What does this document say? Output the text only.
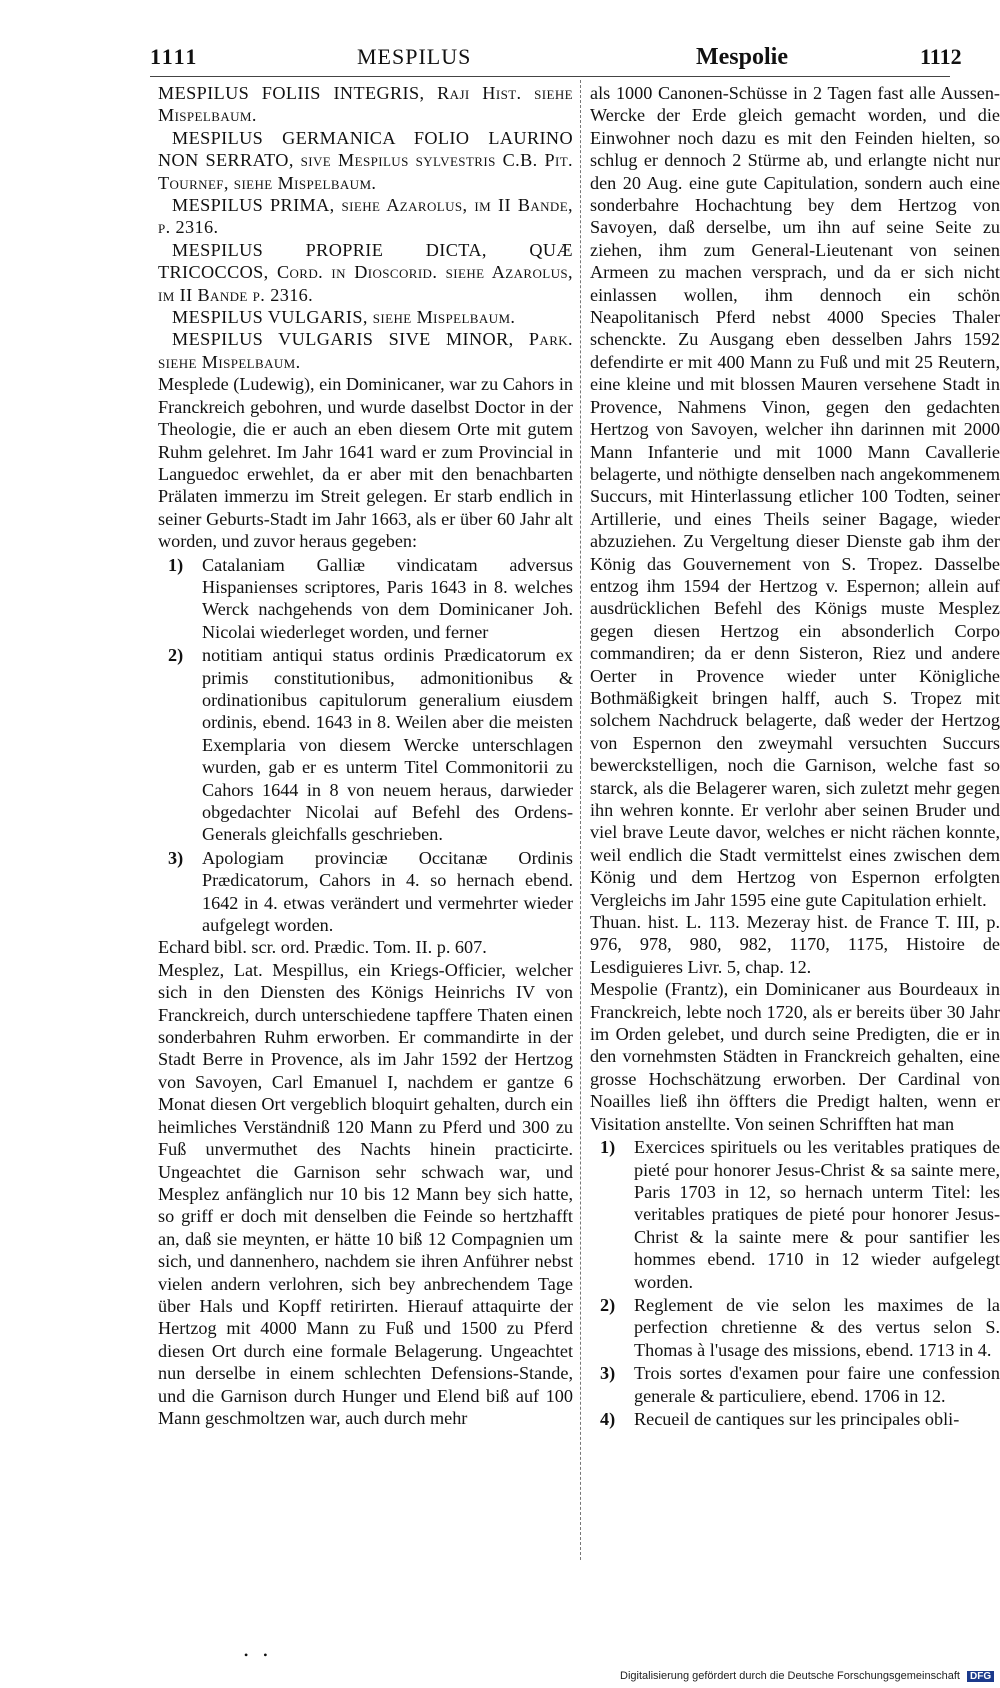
1111	MESPILUS	Mespolie	1112

MESPILUS FOLIIS INTEGRIS, Raji Hist. siehe Mispelbaum.

MESPILUS GERMANICA FOLIO LAURINO NON SERRATO, sive Mespilus sylvestris C.B. Pit. Tournef, siehe Mispelbaum.

MESPILUS PRIMA, siehe Azarolus, im II Bande, p. 2316.

MESPILUS PROPRIE DICTA, QUÆ TRICOCCOS, Cord. in Dioscorid. siehe Azarolus, im II Bande p. 2316.

MESPILUS VULGARIS, siehe Mispelbaum.

MESPILUS VULGARIS SIVE MINOR, Park. siehe Mispelbaum.

Mesplede (Ludewig), ein Dominicaner, war zu Cahors in Franckreich gebohren, und wurde daselbst Doctor in der Theologie, die er auch an eben diesem Orte mit gutem Ruhm gelehret. Im Jahr 1641 ward er zum Provincial in Languedoc erwehlet, da er aber mit den benachbarten Prälaten immerzu im Streit gelegen. Er starb endlich in seiner Geburts-Stadt im Jahr 1663, als er über 60 Jahr alt worden, und zuvor heraus gegeben:

1) Catalaniam Galliæ vindicatam adversus Hispanienses scriptores, Paris 1643 in 8. welches Werck nachgehends von dem Dominicaner Joh. Nicolai wiederleget worden, und ferner
2) notitiam antiqui status ordinis Prædicatorum ex primis constitutionibus, admonitionibus & ordinationibus capitulorum generalium eiusdem ordinis, ebend. 1643 in 8. Weilen aber die meisten Exemplaria von diesem Wercke unterschlagen wurden, gab er es unterm Titel Commonitorii zu Cahors 1644 in 8 von neuem heraus, darwieder obgedachter Nicolai auf Befehl des Ordens-Generals gleichfalls geschrieben.
3) Apologiam provinciæ Occitanæ Ordinis Prædicatorum, Cahors in 4. so hernach ebend. 1642 in 4. etwas verändert und vermehrter wieder aufgelegt worden.

Echard bibl. scr. ord. Prædic. Tom. II. p. 607.

Mesplez, Lat. Mespillus, ein Kriegs-Officier, welcher sich in den Diensten des Königs Heinrichs IV von Franckreich, durch unterschiedene tapffere Thaten einen sonderbahren Ruhm erworben. Er commandirte in der Stadt Berre in Provence, als im Jahr 1592 der Hertzog von Savoyen, Carl Emanuel I, nachdem er gantze 6 Monat diesen Ort vergeblich bloquirt gehalten, durch ein heimliches Verständniß 120 Mann zu Pferd und 300 zu Fuß unvermuthet des Nachts hinein practicirte. Ungeachtet die Garnison sehr schwach war, und Mesplez anfänglich nur 10 bis 12 Mann bey sich hatte, so griff er doch mit denselben die Feinde so hertzhafft an, daß sie meynten, er hätte 10 biß 12 Compagnien um sich, und dannenhero, nachdem sie ihren Anführer nebst vielen andern verlohren, sich bey anbrechendem Tage über Hals und Kopff retirirten. Hierauf attaquirte der Hertzog mit 4000 Mann zu Fuß und 1500 zu Pferd diesen Ort durch eine formale Belagerung. Ungeachtet nun derselbe in einem schlechten Defensions-Stande, und die Garnison durch Hunger und Elend biß auf 100 Mann geschmoltzen war, auch durch mehr

als 1000 Canonen-Schüsse in 2 Tagen fast alle Aussen-Wercke der Erde gleich gemacht worden, und die Einwohner noch dazu es mit den Feinden hielten, so schlug er dennoch 2 Stürme ab, und erlangte nicht nur den 20 Aug. eine gute Capitulation, sondern auch eine sonderbahre Hochachtung bey dem Hertzog von Savoyen, daß derselbe, um ihn auf seine Seite zu ziehen, ihm zum General-Lieutenant von seinen Armeen zu machen versprach, und da er sich nicht einlassen wollen, ihm dennoch ein schön Neapolitanisch Pferd nebst 4000 Species Thaler schenckte. Zu Ausgang eben desselben Jahrs 1592 defendirte er mit 400 Mann zu Fuß und mit 25 Reutern, eine kleine und mit blossen Mauren versehene Stadt in Provence, Nahmens Vinon, gegen den gedachten Hertzog von Savoyen, welcher ihn darinnen mit 2000 Mann Infanterie und mit 1000 Mann Cavallerie belagerte, und nöthigte denselben nach angekommenem Succurs, mit Hinterlassung etlicher 100 Todten, seiner Artillerie, und eines Theils seiner Bagage, wieder abzuziehen. Zu Vergeltung dieser Dienste gab ihm der König das Gouvernement von S. Tropez. Dasselbe entzog ihm 1594 der Hertzog v. Espernon; allein auf ausdrücklichen Befehl des Königs muste Mesplez gegen diesen Hertzog ein absonderlich Corpo commandiren; da er denn Sisteron, Riez und andere Oerter in Provence wieder unter Königliche Bothmäßigkeit bringen halff, auch S. Tropez mit solchem Nachdruck belagerte, daß weder der Hertzog von Espernon den zweymahl versuchten Succurs bewerckstelligen, noch die Garnison, welche fast so starck, als die Belagerer waren, sich zuletzt mehr gegen ihn wehren konnte. Er verlohr aber seinen Bruder und viel brave Leute davor, welches er nicht rächen konnte, weil endlich die Stadt vermittelst eines zwischen dem König und dem Hertzog von Espernon erfolgten Vergleichs im Jahr 1595 eine gute Capitulation erhielt.

Thuan. hist. L. 113. Mezeray hist. de France T. III, p. 976, 978, 980, 982, 1170, 1175, Histoire de Lesdiguieres Livr. 5, chap. 12.

Mespolie (Frantz), ein Dominicaner aus Bourdeaux in Franckreich, lebte noch 1720, als er bereits über 30 Jahr im Orden gelebet, und durch seine Predigten, die er in den vornehmsten Städten in Franckreich gehalten, eine grosse Hochschätzung erworben. Der Cardinal von Noailles ließ ihn öffters die Predigt halten, wenn er Visitation anstellte. Von seinen Schrifften hat man

1) Exercices spirituels ou les veritables pratiques de pieté pour honorer Jesus-Christ & sa sainte mere, Paris 1703 in 12, so hernach unterm Titel: les veritables pratiques de pieté pour honorer Jesus-Christ & la sainte mere & pour santifier les hommes ebend. 1710 in 12 wieder aufgelegt worden.
2) Reglement de vie selon les maximes de la perfection chretienne & des vertus selon S. Thomas à l'usage des missions, ebend. 1713 in 4.
3) Trois sortes d'examen pour faire une confession generale & particuliere, ebend. 1706 in 12.
4) Recueil de cantiques sur les principales obli-
• •
Digitalisierung gefördert durch die Deutsche Forschungsgemeinschaft DFG
